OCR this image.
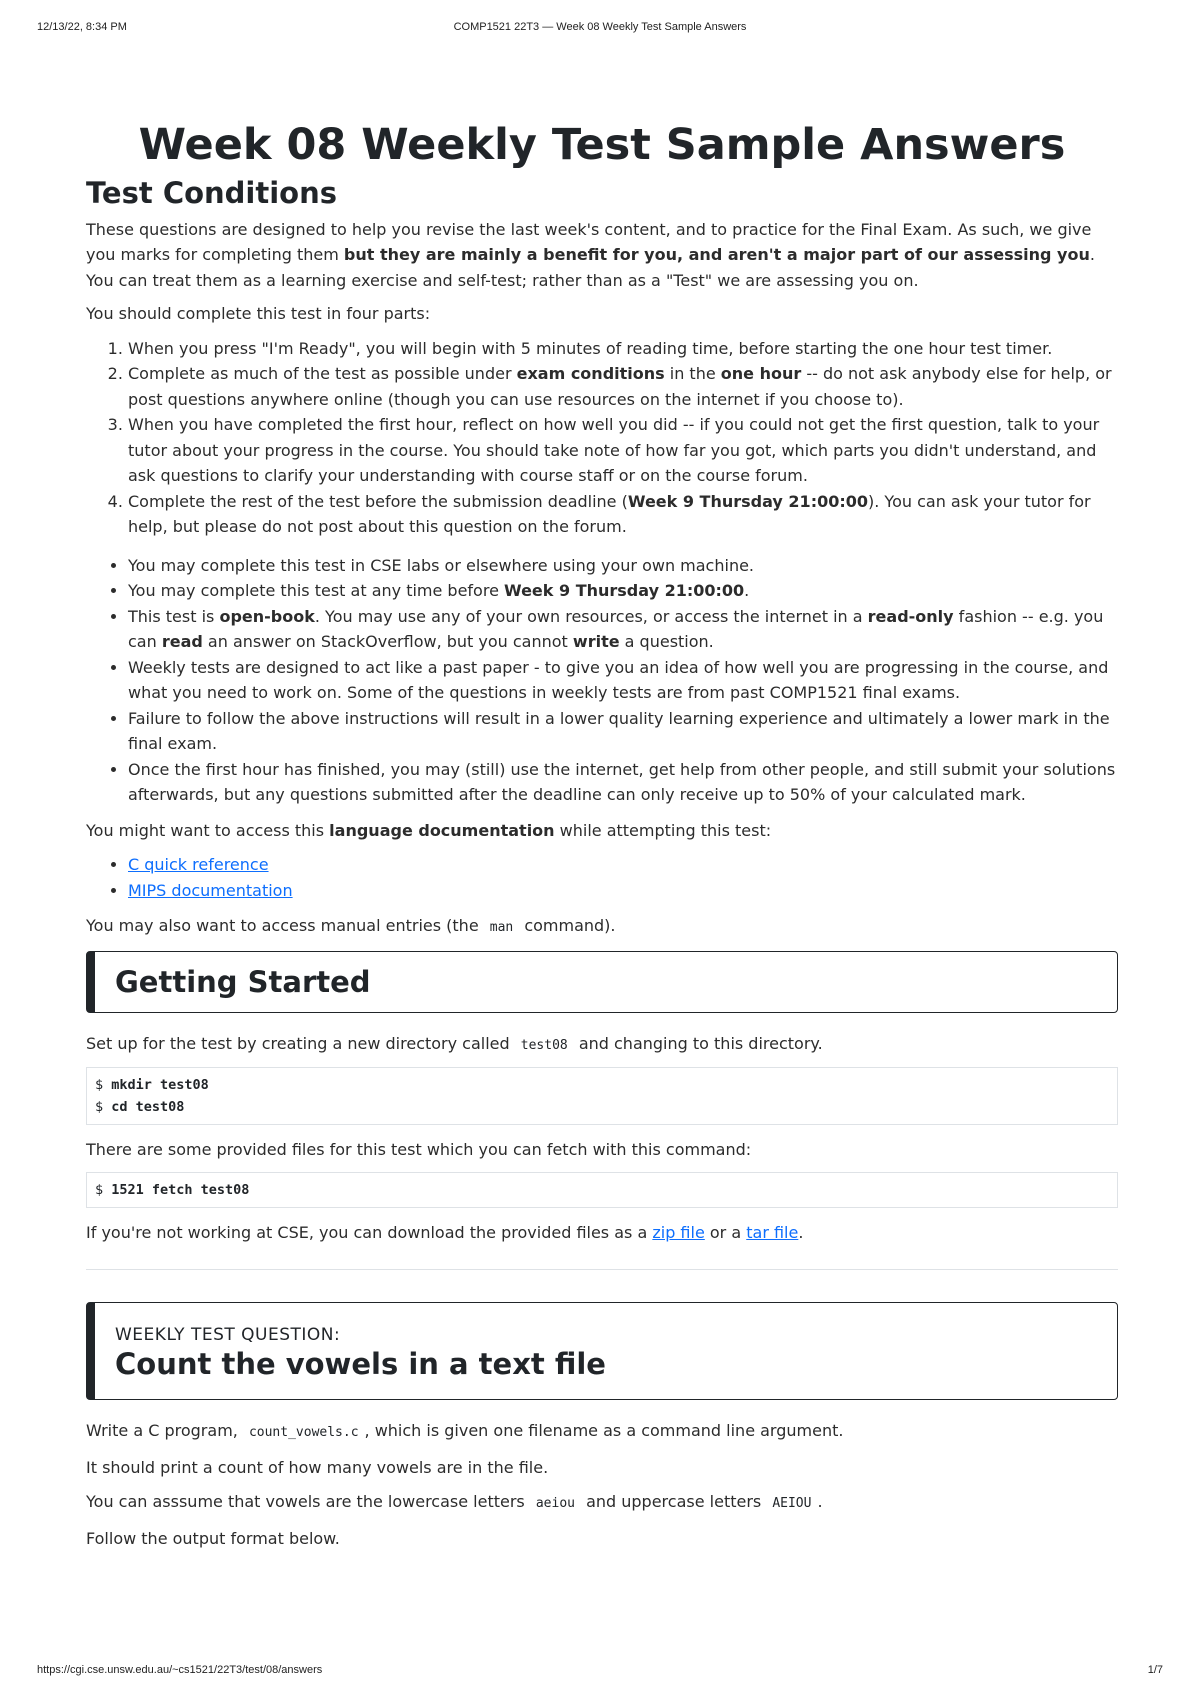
12/13/22, 8:34 PM	COMP1521 22T3 — Week 08 Weekly Test Sample Answers
Week 08 Weekly Test Sample Answers
Test Conditions

These questions are designed to help you revise the last week's content, and to practice for the Final Exam. As such, we give you marks for completing them but they are mainly a benefit for you, and aren't a major part of our assessing you. You can treat them as a learning exercise and self-test; rather than as a "Test" we are assessing you on.

You should complete this test in four parts:

1. When you press "I'm Ready", you will begin with 5 minutes of reading time, before starting the one hour test timer.
2. Complete as much of the test as possible under exam conditions in the one hour -- do not ask anybody else for help, or post questions anywhere online (though you can use resources on the internet if you choose to).
3. When you have completed the first hour, reflect on how well you did -- if you could not get the first question, talk to your tutor about your progress in the course. You should take note of how far you got, which parts you didn't understand, and ask questions to clarify your understanding with course staff or on the course forum.
4. Complete the rest of the test before the submission deadline (Week 9 Thursday 21:00:00). You can ask your tutor for help, but please do not post about this question on the forum.
• You may complete this test in CSE labs or elsewhere using your own machine.
• You may complete this test at any time before Week 9 Thursday 21:00:00.
• This test is open-book. You may use any of your own resources, or access the internet in a read-only fashion -- e.g. you can read an answer on StackOverflow, but you cannot write a question.
• Weekly tests are designed to act like a past paper - to give you an idea of how well you are progressing in the course, and what you need to work on. Some of the questions in weekly tests are from past COMP1521 final exams.
• Failure to follow the above instructions will result in a lower quality learning experience and ultimately a lower mark in the final exam.
• Once the first hour has finished, you may (still) use the internet, get help from other people, and still submit your solutions afterwards, but any questions submitted after the deadline can only receive up to 50% of your calculated mark.

You might want to access this language documentation while attempting this test:

• C quick reference
• MIPS documentation

You may also want to access manual entries (the man command).

Getting Started

Set up for the test by creating a new directory called test08 and changing to this directory.

$ mkdir test08
$ cd test08

There are some provided files for this test which you can fetch with this command:

$ 1521 fetch test08

If you're not working at CSE, you can download the provided files as a zip file or a tar file.

WEEKLY TEST QUESTION:
Count the vowels in a text file

Write a C program, count_vowels.c , which is given one filename as a command line argument.

It should print a count of how many vowels are in the file.

You can asssume that vowels are the lowercase letters aeiou and uppercase letters AEIOU .

Follow the output format below.

https://cgi.cse.unsw.edu.au/~cs1521/22T3/test/08/answers	1/7
